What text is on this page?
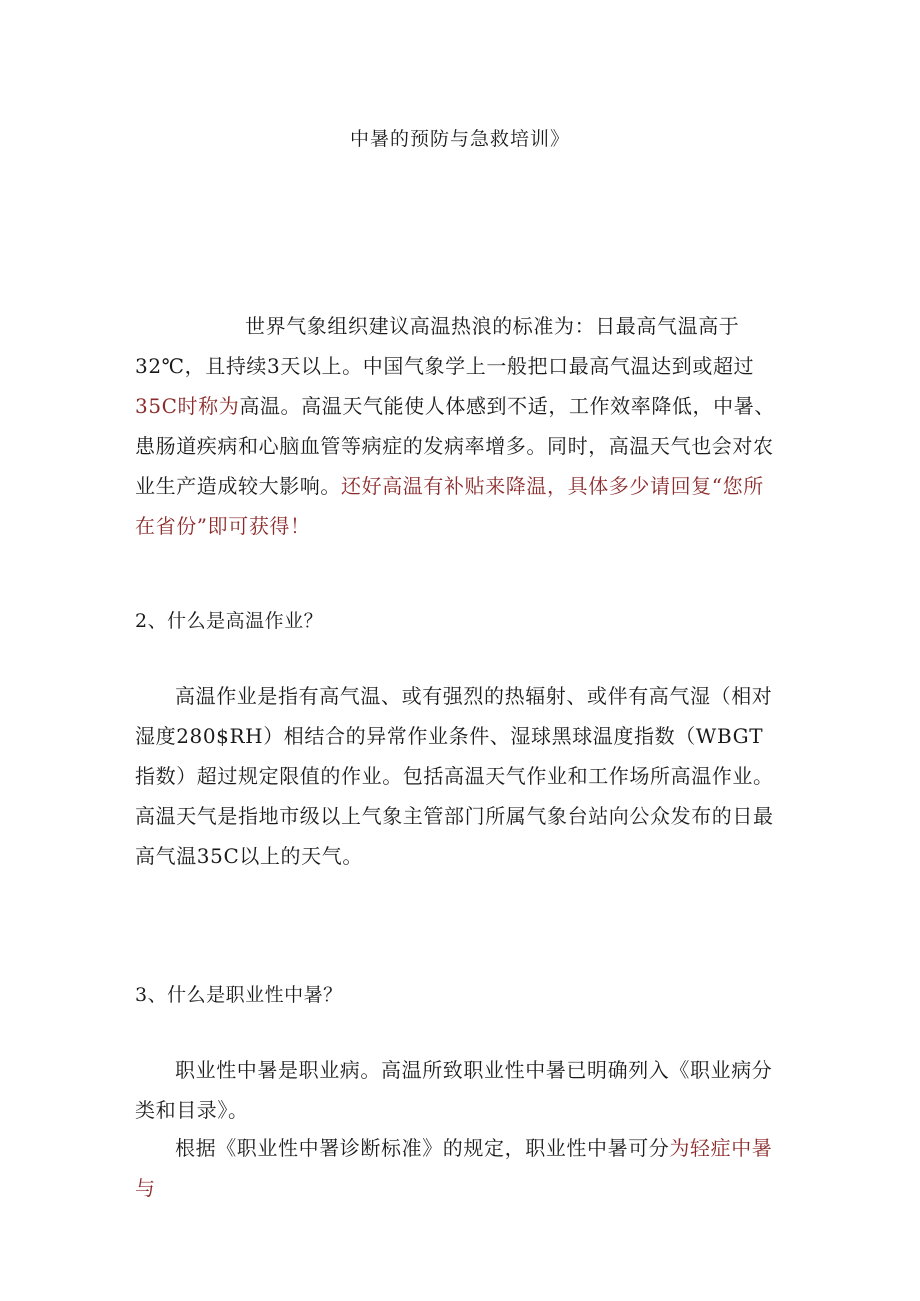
中暑的预防与急救培训》

世界气象组织建议高温热浪的标准为：日最高气温高于32℃，且持续3天以上。中国气象学上一般把口最高气温达到或超过35C时称为高温。高温天气能使人体感到不适，工作效率降低，中暑、患肠道疾病和心脑血管等病症的发病率增多。同时，高温天气也会对农业生产造成较大影响。还好高温有补贴来降温，具体多少请回复“您所在省份”即可获得！

2、什么是高温作业？

高温作业是指有高气温、或有强烈的热辐射、或伴有高气湿（相对湿度280$RH）相结合的异常作业条件、湿球黑球温度指数（WBGT指数）超过规定限值的作业。包括高温天气作业和工作场所高温作业。高温天气是指地市级以上气象主管部门所属气象台站向公众发布的日最高气温35C以上的天气。

3、什么是职业性中暑？

职业性中暑是职业病。高温所致职业性中暑已明确列入《职业病分类和目录》。

根据《职业性中署诊断标准》的规定，职业性中暑可分为轻症中暑与
